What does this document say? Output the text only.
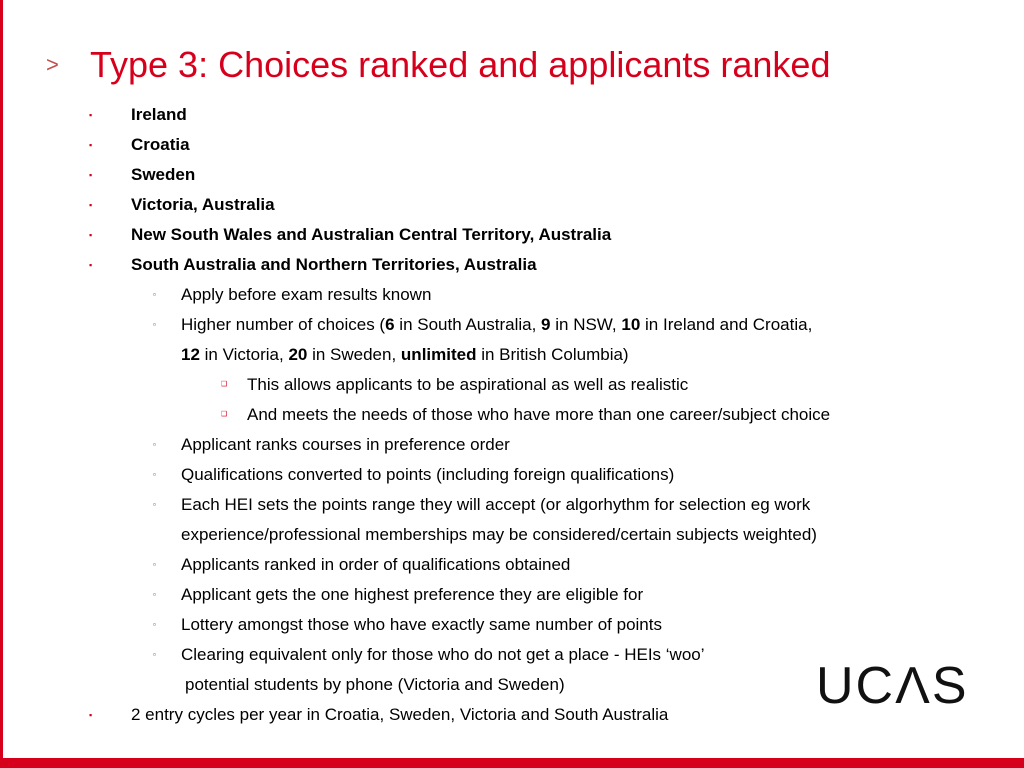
> Type 3: Choices ranked and applicants ranked
▪ Ireland
▪ Croatia
▪ Sweden
▪ Victoria, Australia
▪ New South Wales and Australian Central Territory, Australia
▪ South Australia and Northern Territories, Australia
▫ Apply before exam results known
▫ Higher number of choices (6 in South Australia, 9 in NSW, 10 in Ireland and Croatia,
12 in Victoria, 20 in Sweden, unlimited in British Columbia)
❑ This allows applicants to be aspirational as well as realistic
❑ And meets the needs of those who have more than one career/subject choice
▫ Applicant ranks courses in preference order
▫ Qualifications converted to points (including foreign qualifications)
▫ Each HEI sets the points range they will accept (or algorhythm for selection eg work
experience/professional memberships may be considered/certain subjects weighted)
▫ Applicants ranked in order of qualifications obtained
▫ Applicant gets the one highest preference they are eligible for
▫ Lottery amongst those who have exactly same number of points
▫ Clearing equivalent only for those who do not get a place - HEIs ‘woo’
potential students by phone (Victoria and Sweden)
▪ 2 entry cycles per year in Croatia, Sweden, Victoria and South Australia	UCΛS
